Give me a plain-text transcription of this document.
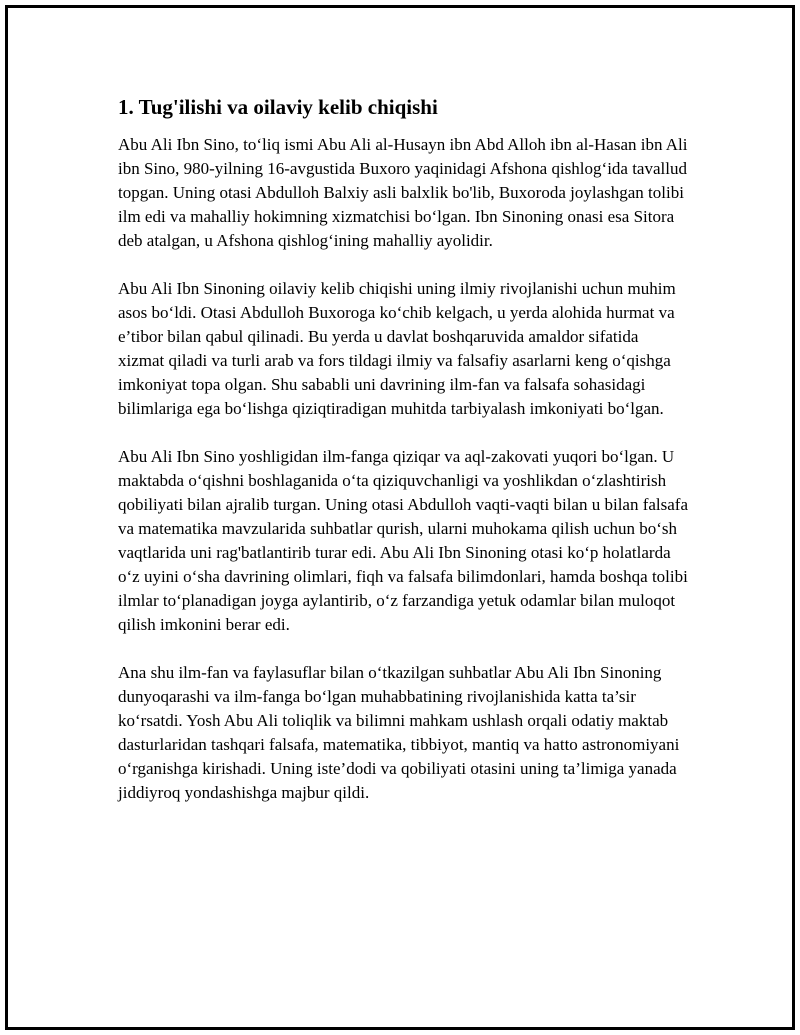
1. Tug'ilishi va oilaviy kelib chiqishi

Abu Ali Ibn Sino, to‘liq ismi Abu Ali al-Husayn ibn Abd Alloh ibn al-Hasan ibn Ali ibn Sino, 980-yilning 16-avgustida Buxoro yaqinidagi Afshona qishlog‘ida tavallud topgan. Uning otasi Abdulloh Balxiy asli balxlik bo'lib, Buxoroda joylashgan tolibi ilm edi va mahalliy hokimning xizmatchisi bo‘lgan. Ibn Sinoning onasi esa Sitora deb atalgan, u Afshona qishlog‘ining mahalliy ayolidir.

Abu Ali Ibn Sinoning oilaviy kelib chiqishi uning ilmiy rivojlanishi uchun muhim asos bo‘ldi. Otasi Abdulloh Buxoroga ko‘chib kelgach, u yerda alohida hurmat va e’tibor bilan qabul qilinadi. Bu yerda u davlat boshqaruvida amaldor sifatida xizmat qiladi va turli arab va fors tildagi ilmiy va falsafiy asarlarni keng o‘qishga imkoniyat topa olgan. Shu sababli uni davrining ilm-fan va falsafa sohasidagi bilimlariga ega bo‘lishga qiziqtiradigan muhitda tarbiyalash imkoniyati bo‘lgan.

Abu Ali Ibn Sino yoshligidan ilm-fanga qiziqar va aql-zakovati yuqori bo‘lgan. U maktabda o‘qishni boshlaganida o‘ta qiziquvchanligi va yoshlikdan o‘zlashtirish qobiliyati bilan ajralib turgan. Uning otasi Abdulloh vaqti-vaqti bilan u bilan falsafa va matematika mavzularida suhbatlar qurish, ularni muhokama qilish uchun bo‘sh vaqtlarida uni rag'batlantirib turar edi. Abu Ali Ibn Sinoning otasi ko‘p holatlarda o‘z uyini o‘sha davrining olimlari, fiqh va falsafa bilimdonlari, hamda boshqa tolibi ilmlar to‘planadigan joyga aylantirib, o‘z farzandiga yetuk odamlar bilan muloqot qilish imkonini berar edi.

Ana shu ilm-fan va faylasuflar bilan o‘tkazilgan suhbatlar Abu Ali Ibn Sinoning dunyoqarashi va ilm-fanga bo‘lgan muhabbatining rivojlanishida katta ta’sir ko‘rsatdi. Yosh Abu Ali toliqlik va bilimni mahkam ushlash orqali odatiy maktab dasturlaridan tashqari falsafa, matematika, tibbiyot, mantiq va hatto astronomiyani o‘rganishga kirishadi. Uning iste’dodi va qobiliyati otasini uning ta’limiga yanada jiddiyroq yondashishga majbur qildi.
